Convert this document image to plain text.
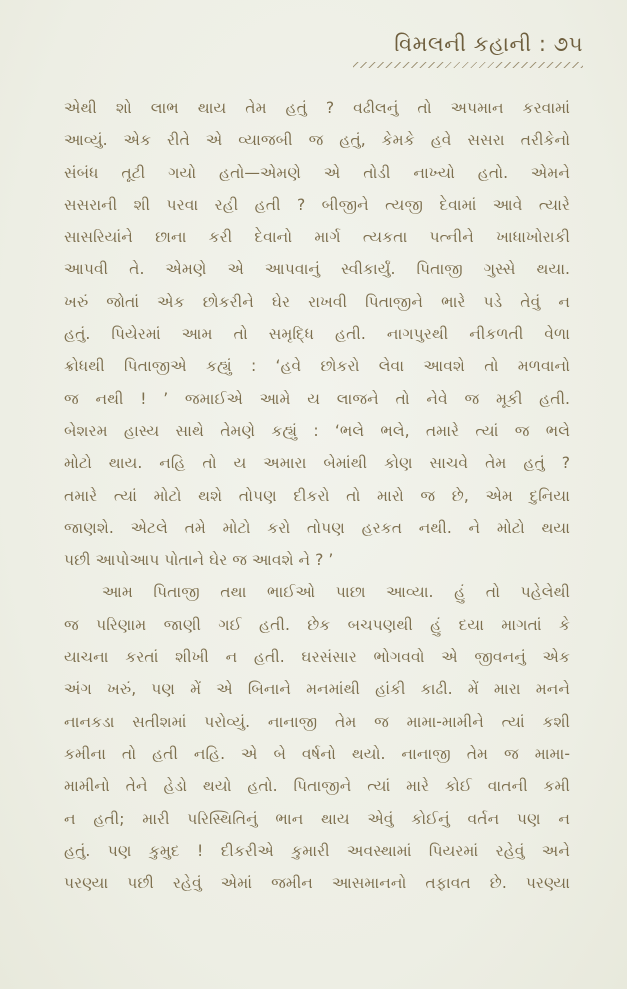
વિમલની કહાની : ૭૫

એથી શો લાભ થાય તેમ હતું ? વઢીલનું તો અપમાન કરવામાં
આવ્યું. એક રીતે એ વ્યાજબી જ હતું, કેમકે હવે સસરા તરીકેનો
સંબંધ તૂટી ગયો હતો—એમણે એ તોડી નાખ્યો હતો. એમને
સસરાની શી પરવા રહી હતી ? બીજીને ત્યજી દેવામાં આવે ત્યારે
સાસરિયાંને છાના કરી દેવાનો માર્ગ ત્યકતા પત્નીને ખાધાખોરાકી
આપવી તે. એમણે એ આપવાનું સ્વીકાર્યું. પિતાજી ગુસ્સે થયા.
ખરું જોતાં એક છોકરીને ઘેર રાખવી પિતાજીને ભારે પડે તેવું ન
હતું. પિયેરમાં આમ તો સમૃદ્ધિ હતી. નાગપુરથી નીકળતી વેળા
ક્રોધથી પિતાજીએ કહ્યું : ‘હવે છોકરો લેવા આવશે તો મળવાનો
જ નથી ! ’ જમાઈએ આમે ય લાજને તો નેવે જ મૂકી હતી.
બેશરમ હાસ્ય સાથે તેમણે કહ્યું : ‘ભલે ભલે, તમારે ત્યાં જ ભલે
મોટો થાય. નહિ તો ય અમારા બેમાંથી કોણ સાચવે તેમ હતું ?
તમારે ત્યાં મોટો થશે તોપણ દીકરો તો મારો જ છે, એમ દુનિયા
જાણશે. એટલે તમે મોટો કરો તોપણ હરકત નથી. ને મોટો થયા
પછી આપોઆપ પોતાને ઘેર જ આવશે ને ? ’

આમ પિતાજી તથા ભાઈઓ પાછા આવ્યા. હું તો પહેલેથી
જ પરિણામ જાણી ગઈ હતી. છેક બચપણથી હું દયા માગતાં કે
યાચના કરતાં શીખી ન હતી. ઘરસંસાર ભોગવવો એ જીવનનું એક
અંગ ખરું, પણ મેં એ બિનાને મનમાંથી હાંકી કાઢી. મેં મારા મનને
નાનકડા સતીશમાં પરોવ્યું. નાનાજી તેમ જ મામા-મામીને ત્યાં કશી
કમીના તો હતી નહિ. એ બે વર્ષનો થયો. નાનાજી તેમ જ મામા-
મામીનો તેને હેડો થયો હતો. પિતાજીને ત્યાં મારે કોઈ વાતની કમી
ન હતી; મારી પરિસ્થિતિનું ભાન થાય એવું કોઈનું વર્તન પણ ન
હતું. પણ કુમુદ ! દીકરીએ કુમારી અવસ્થામાં પિયરમાં રહેવું અને
પરણ્યા પછી રહેવું એમાં જમીન આસમાનનો તફાવત છે. પરણ્યા
